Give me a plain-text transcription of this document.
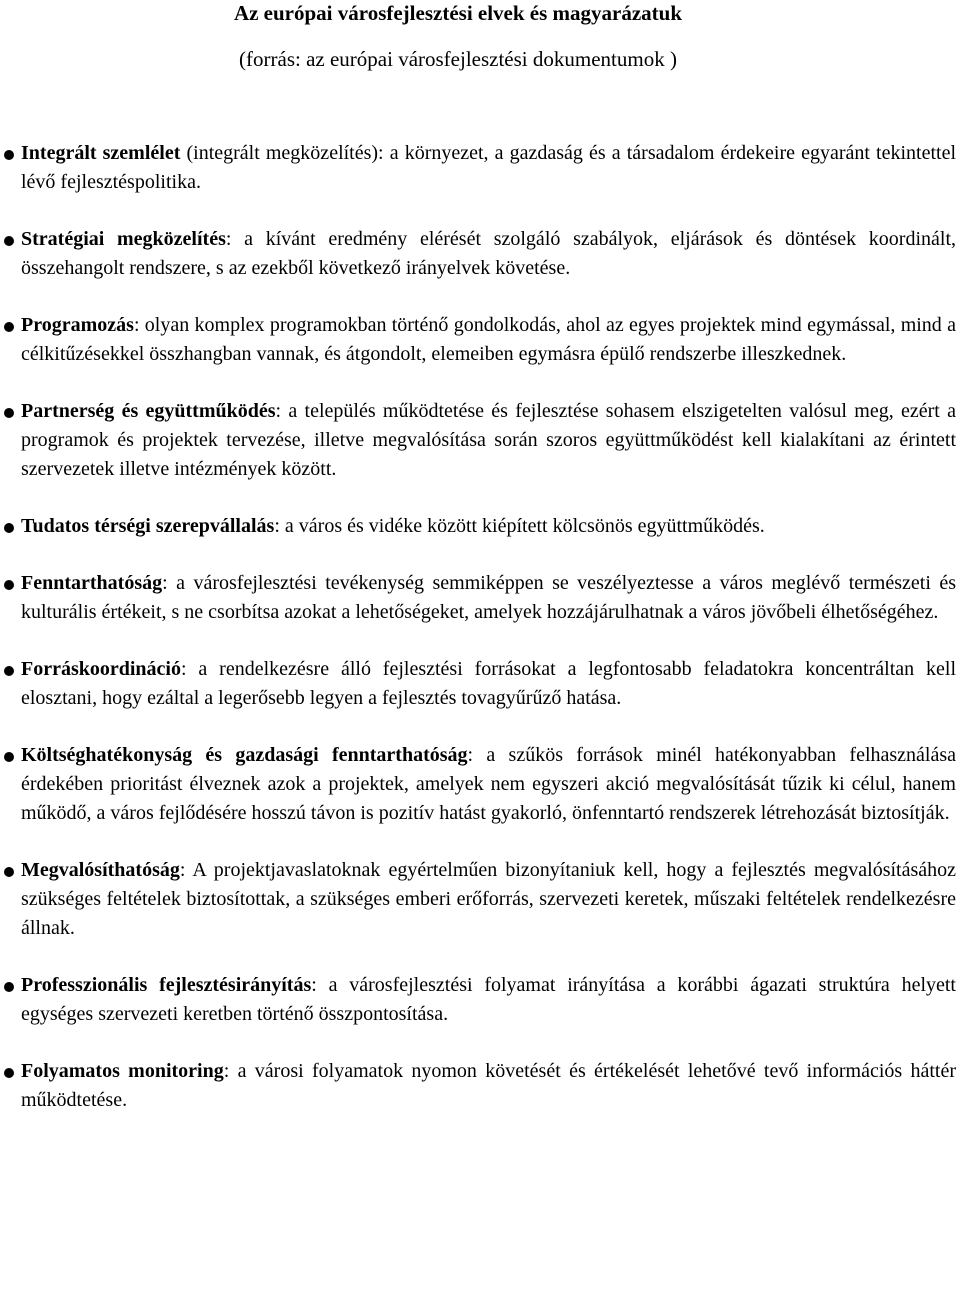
Az európai városfejlesztési elvek és magyarázatuk
(forrás: az európai városfejlesztési dokumentumok )
Integrált szemlélet (integrált megközelítés): a környezet, a gazdaság és a társadalom érdekeire egyaránt tekintettel lévő fejlesztéspolitika.
Stratégiai megközelítés: a kívánt eredmény elérését szolgáló szabályok, eljárások és döntések koordinált, összehangolt rendszere, s az ezekből következő irányelvek követése.
Programozás: olyan komplex programokban történő gondolkodás, ahol az egyes projektek mind egymással, mind a célkitűzésekkel összhangban vannak, és átgondolt, elemeiben egymásra épülő rendszerbe illeszkednek.
Partnerség és együttműködés: a település működtetése és fejlesztése sohasem elszigetelten valósul meg, ezért a programok és projektek tervezése, illetve megvalósítása során szoros együttműködést kell kialakítani az érintett szervezetek illetve intézmények között.
Tudatos térségi szerepvállalás: a város és vidéke között kiépített kölcsönös együttműködés.
Fenntarthatóság: a városfejlesztési tevékenység semmiképpen se veszélyeztesse a város meglévő természeti és kulturális értékeit, s ne csorbítsa azokat a lehetőségeket, amelyek hozzájárulhatnak a város jövőbeli élhetőségéhez.
Forráskoordináció: a rendelkezésre álló fejlesztési forrásokat a legfontosabb feladatokra koncentráltan kell elosztani, hogy ezáltal a legerősebb legyen a fejlesztés tovagyűrűző hatása.
Költséghatékonyság és gazdasági fenntarthatóság: a szűkös források minél hatékonyabban felhasználása érdekében prioritást élveznek azok a projektek, amelyek nem egyszeri akció megvalósítását tűzik ki célul, hanem működő, a város fejlődésére hosszú távon is pozitív hatást gyakorló, önfenntartó rendszerek létrehozását biztosítják.
Megvalósíthatóság: A projektjavaslatoknak egyértelműen bizonyítaniuk kell, hogy a fejlesztés megvalósításához szükséges feltételek biztosítottak, a szükséges emberi erőforrás, szervezeti keretek, műszaki feltételek rendelkezésre állnak.
Professzionális fejlesztésirányítás: a városfejlesztési folyamat irányítása a korábbi ágazati struktúra helyett egységes szervezeti keretben történő összpontosítása.
Folyamatos monitoring: a városi folyamatok nyomon követését és értékelését lehetővé tevő információs háttér működtetése.
